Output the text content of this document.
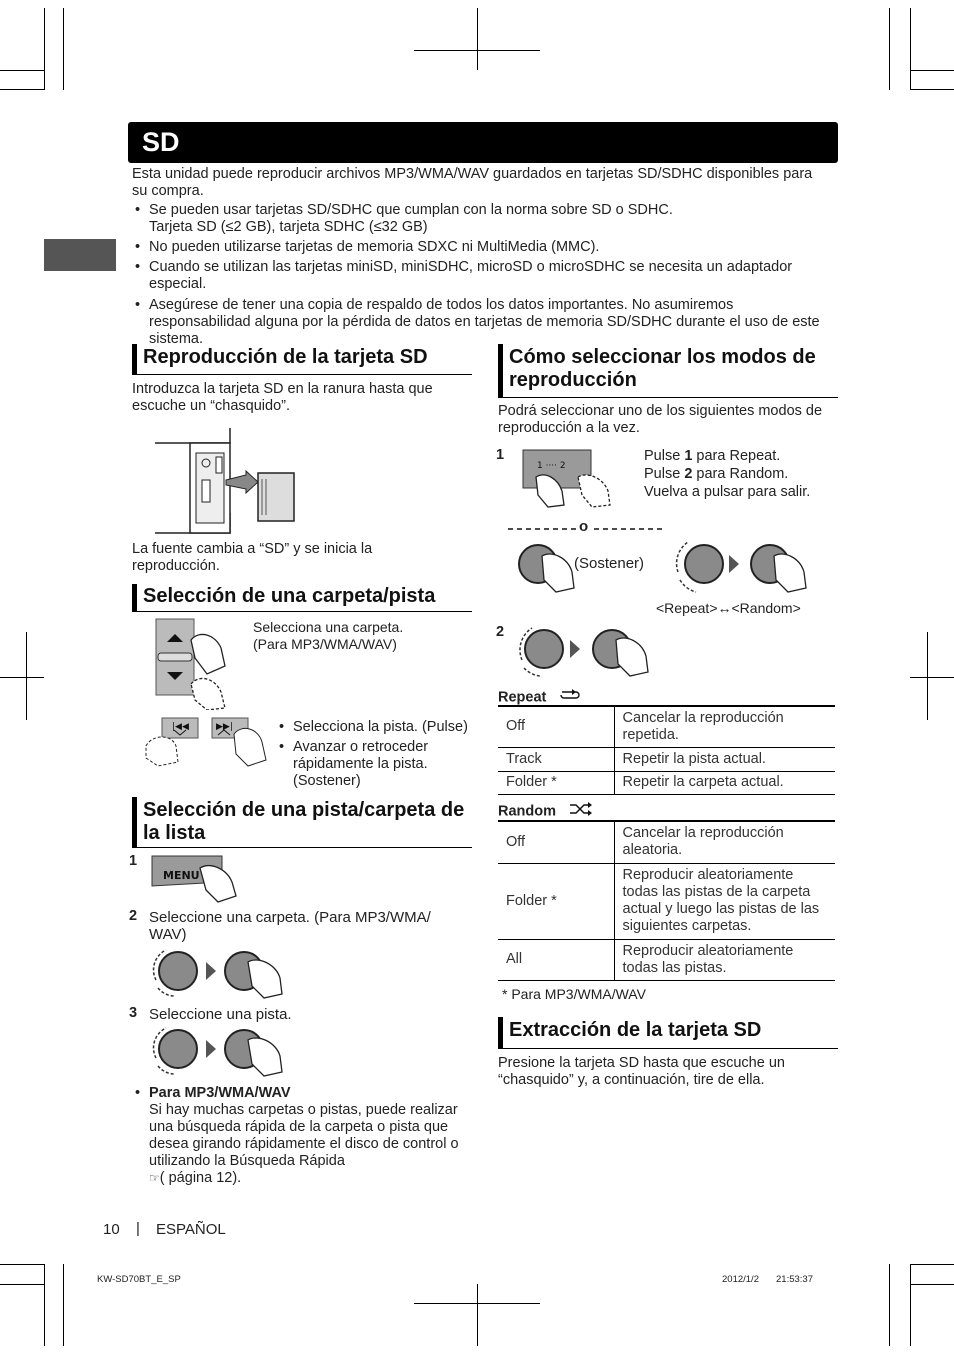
SD
Esta unidad puede reproducir archivos MP3/WMA/WAV guardados en tarjetas SD/SDHC disponibles para su compra.
• Se pueden usar tarjetas SD/SDHC que cumplan con la norma sobre SD o SDHC.
Tarjeta SD (≤2 GB), tarjeta SDHC (≤32 GB)
• No pueden utilizarse tarjetas de memoria SDXC ni MultiMedia (MMC).
• Cuando se utilizan las tarjetas miniSD, miniSDHC, microSD o microSDHC se necesita un adaptador especial.
• Asegúrese de tener una copia de respaldo de todos los datos importantes. No asumiremos responsabilidad alguna por la pérdida de datos en tarjetas de memoria SD/SDHC durante el uso de este sistema.
Reproducción de la tarjeta SD
Introduzca la tarjeta SD en la ranura hasta que escuche un “chasquido”.
La fuente cambia a “SD” y se inicia la reproducción.
Selección de una carpeta/pista
Selecciona una carpeta.
(Para MP3/WMA/WAV)
|◀◀	▶▶|	• Selecciona la pista. (Pulse)
• Avanzar o retroceder rápidamente la pista. (Sostener)
Selección de una pista/carpeta de la lista
1
MENU
2 Seleccione una carpeta. (Para MP3/WMA/ WAV)
3 Seleccione una pista.
• Para MP3/WMA/WAV
Si hay muchas carpetas o pistas, puede realizar una búsqueda rápida de la carpeta o pista que desea girando rápidamente el disco de control o utilizando la Búsqueda Rápida
☞( página 12).
Cómo seleccionar los modos de reproducción
Podrá seleccionar uno de los siguientes modos de reproducción a la vez.
1
1 ···· 2
Pulse 1 para Repeat.
Pulse 2 para Random.
Vuelva a pulsar para salir.
o
(Sostener)
<Repeat>↔<Random>
2
Repeat
Off	Cancelar la reproducción repetida.
Track	Repetir la pista actual.
Folder *	Repetir la carpeta actual.
Random
Off	Cancelar la reproducción aleatoria.
Folder *	Reproducir aleatoriamente todas las pistas de la carpeta actual y luego las pistas de las siguientes carpetas.
All	Reproducir aleatoriamente todas las pistas.
* Para MP3/WMA/WAV
Extracción de la tarjeta SD
Presione la tarjeta SD hasta que escuche un “chasquido” y, a continuación, tire de ella.
10 | ESPAÑOL
KW-SD70BT_E_SP	2012/1/2 21:53:37
